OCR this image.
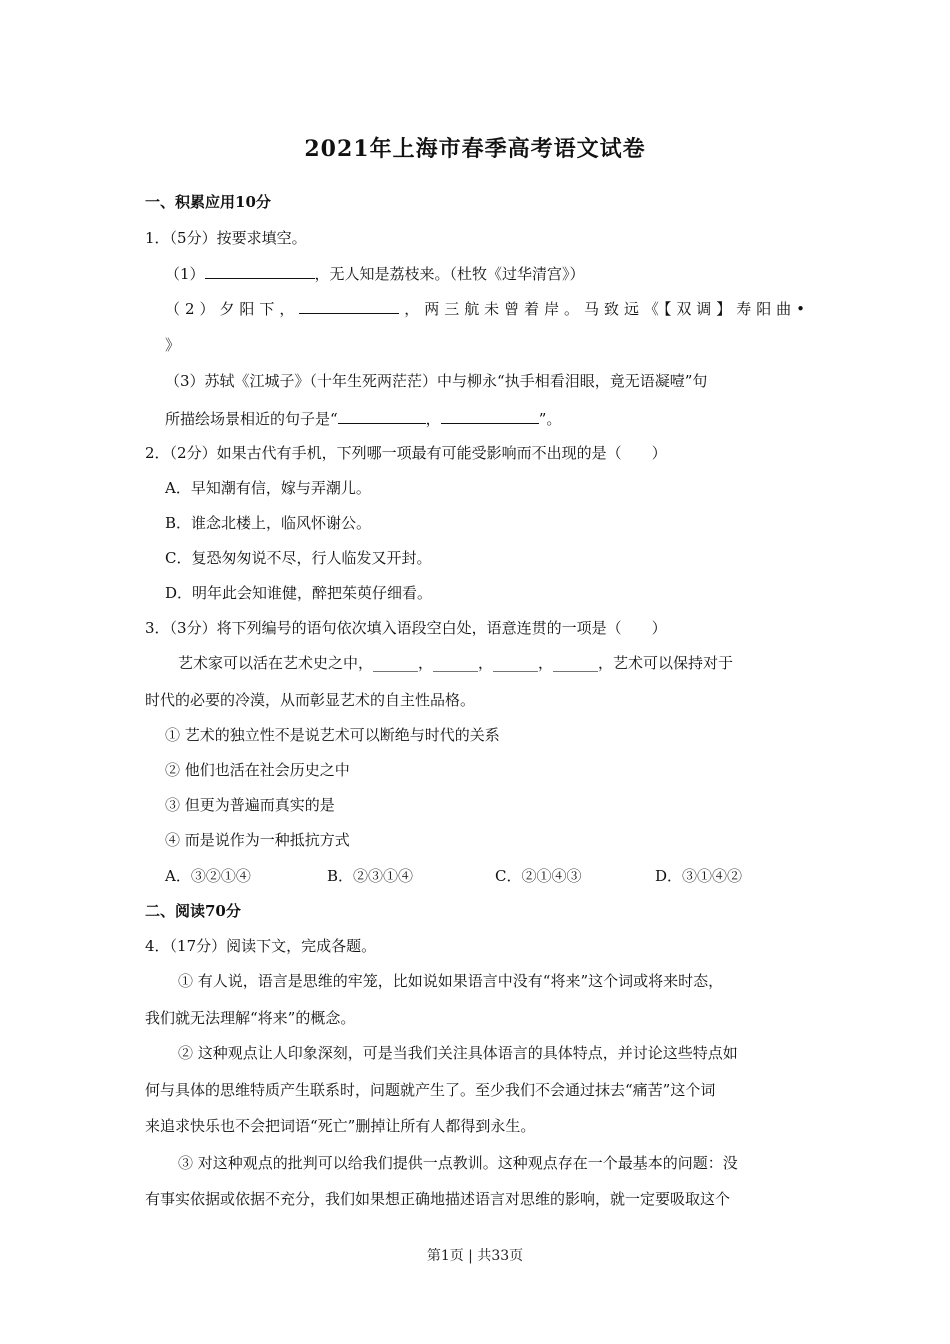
2021年上海市春季高考语文试卷
一、积累应用10分
1．（5分）按要求填空。
（1）	，无人知是荔枝来。（杜牧《过华清宫》）
（2）夕阳下，	，两三航未曾着岸。马致远《【双调】寿阳曲•
》
（3）苏轼《江城子》（十年生死两茫茫）中与柳永“执手相看泪眼，竟无语凝噎”句
所描绘场景相近的句子是“	，	”。
2．（2分）如果古代有手机，下列哪一项最有可能受影响而不出现的是（　　）
A．早知潮有信，嫁与弄潮儿。
B．谁念北楼上，临风怀谢公。
C．复恐匆匆说不尽，行人临发又开封。
D．明年此会知谁健，醉把茱萸仔细看。
3．（3分）将下列编号的语句依次填入语段空白处，语意连贯的一项是（　　）
艺术家可以活在艺术史之中，______，______，______，______，艺术可以保持对于
时代的必要的冷漠，从而彰显艺术的自主性品格。
① 艺术的独立性不是说艺术可以断绝与时代的关系
② 他们也活在社会历史之中
③ 但更为普遍而真实的是
④ 而是说作为一种抵抗方式
A．③②①④	B．②③①④	C．②①④③	D．③①④②
二、阅读70分
4．（17分）阅读下文，完成各题。
① 有人说，语言是思维的牢笼，比如说如果语言中没有“将来”这个词或将来时态，
我们就无法理解“将来”的概念。
② 这种观点让人印象深刻，可是当我们关注具体语言的具体特点，并讨论这些特点如
何与具体的思维特质产生联系时，问题就产生了。至少我们不会通过抹去“痛苦”这个词
来追求快乐也不会把词语“死亡”删掉让所有人都得到永生。
③ 对这种观点的批判可以给我们提供一点教训。这种观点存在一个最基本的问题：没
有事实依据或依据不充分，我们如果想正确地描述语言对思维的影响，就一定要吸取这个
第1页 | 共33页
